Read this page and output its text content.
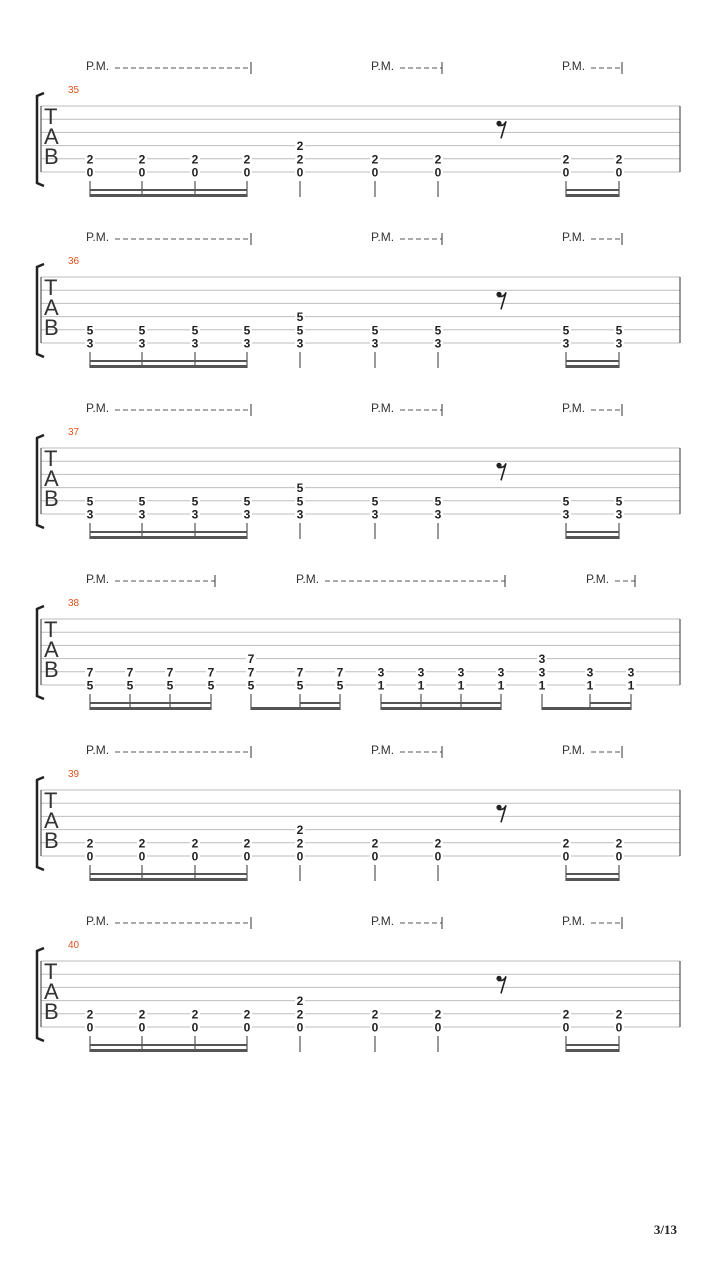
P.M.	P.M.	P.M.
35
T
A
B 2
0
2
0
2
0
2
0
2
2
0
2
0
2
0
2
0
2
0
P.M.	P.M.	P.M.
36
T
A
B 5
3
5
3
5
3
5
3
5
5
3
5
3
5
3
5
3
5
3
P.M.	P.M.	P.M.
37
T
A
B 5
3
5
3
5
3
5
3
5
5
3
5
3
5
3
5
3
5
3
P.M.	P.M.	P.M.
38
T
A
B 7
5
7
5
7
5
7
5
7
7
5
7
5
7
5
3
1
3
1
3
1
3
1
3
3
1
3
1
3
1
P.M.	P.M.	P.M.
39
T
A
B 2
0
2
0
2
0
2
0
2
2
0
2
0
2
0
2
0
2
0
P.M.	P.M.	P.M.
40
T
A
B 2
0
2
0
2
0
2
0
2
2
0
2
0
2
0
2
0
2
0
3/13
